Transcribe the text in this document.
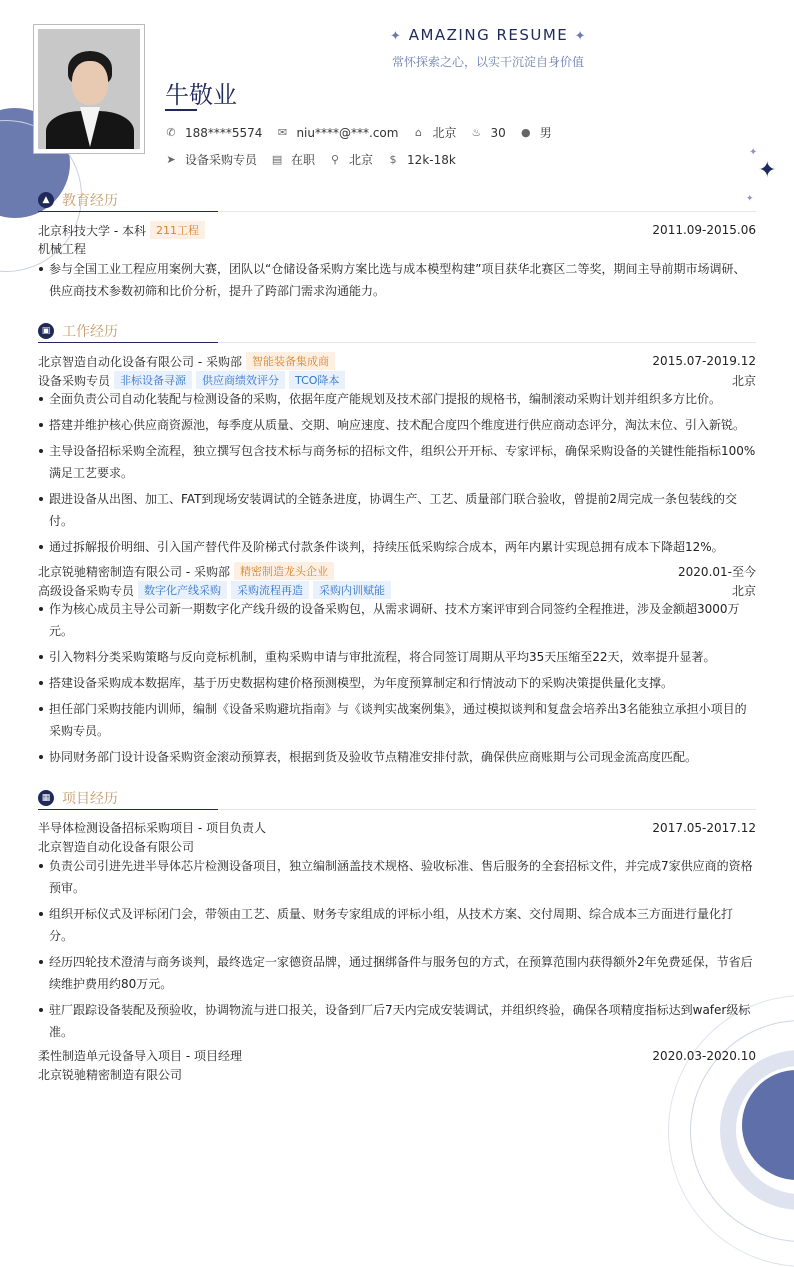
✦ AMAZING RESUME ✦
常怀探索之心，以实干沉淀自身价值
牛敬业
✆ 188****5574 ✉ niu****@***.com ⌂ 北京 ♨ 30 ● 男
➤ 设备采购专员 ▤ 在职 ⚲ 北京 $ 12k-18k	✦
✦
✦
▲ 教育经历
北京科技大学 - 本科 211工程	2011.09-2015.06
机械工程
参与全国工业工程应用案例大赛，团队以“仓储设备采购方案比选与成本模型构建”项目获华北赛区二等奖，期间主导前期市场调研、供应商技术参数初筛和比价分析，提升了跨部门需求沟通能力。
▣ 工作经历
北京智造自动化设备有限公司 - 采购部 智能装备集成商	2015.07-2019.12
设备采购专员 非标设备寻源	供应商绩效评分	TCO降本	北京
全面负责公司自动化装配与检测设备的采购，依据年度产能规划及技术部门提报的规格书，编制滚动采购计划并组织多方比价。
搭建并维护核心供应商资源池，每季度从质量、交期、响应速度、技术配合度四个维度进行供应商动态评分，淘汰末位、引入新锐。
主导设备招标采购全流程，独立撰写包含技术标与商务标的招标文件，组织公开开标、专家评标，确保采购设备的关键性能指标100%满足工艺要求。
跟进设备从出图、加工、FAT到现场安装调试的全链条进度，协调生产、工艺、质量部门联合验收，曾提前2周完成一条包装线的交付。
通过拆解报价明细、引入国产替代件及阶梯式付款条件谈判，持续压低采购综合成本，两年内累计实现总拥有成本下降超12%。
北京锐驰精密制造有限公司 - 采购部 精密制造龙头企业	2020.01-至今
高级设备采购专员 数字化产线采购	采购流程再造	采购内训赋能	北京
作为核心成员主导公司新一期数字化产线升级的设备采购包，从需求调研、技术方案评审到合同签约全程推进，涉及金额超3000万元。
引入物料分类采购策略与反向竞标机制，重构采购申请与审批流程，将合同签订周期从平均35天压缩至22天，效率提升显著。
搭建设备采购成本数据库，基于历史数据构建价格预测模型，为年度预算制定和行情波动下的采购决策提供量化支撑。
担任部门采购技能内训师，编制《设备采购避坑指南》与《谈判实战案例集》，通过模拟谈判和复盘会培养出3名能独立承担小项目的采购专员。
协同财务部门设计设备采购资金滚动预算表，根据到货及验收节点精准安排付款，确保供应商账期与公司现金流高度匹配。
▦ 项目经历
半导体检测设备招标采购项目 - 项目负责人	2017.05-2017.12
北京智造自动化设备有限公司
负责公司引进先进半导体芯片检测设备项目，独立编制涵盖技术规格、验收标准、售后服务的全套招标文件，并完成7家供应商的资格预审。
组织开标仪式及评标闭门会，带领由工艺、质量、财务专家组成的评标小组，从技术方案、交付周期、综合成本三方面进行量化打分。
经历四轮技术澄清与商务谈判，最终选定一家德资品牌，通过捆绑备件与服务包的方式，在预算范围内获得额外2年免费延保，节省后续维护费用约80万元。
驻厂跟踪设备装配及预验收，协调物流与进口报关，设备到厂后7天内完成安装调试，并组织终验，确保各项精度指标达到wafer级标准。
柔性制造单元设备导入项目 - 项目经理	2020.03-2020.10
北京锐驰精密制造有限公司
